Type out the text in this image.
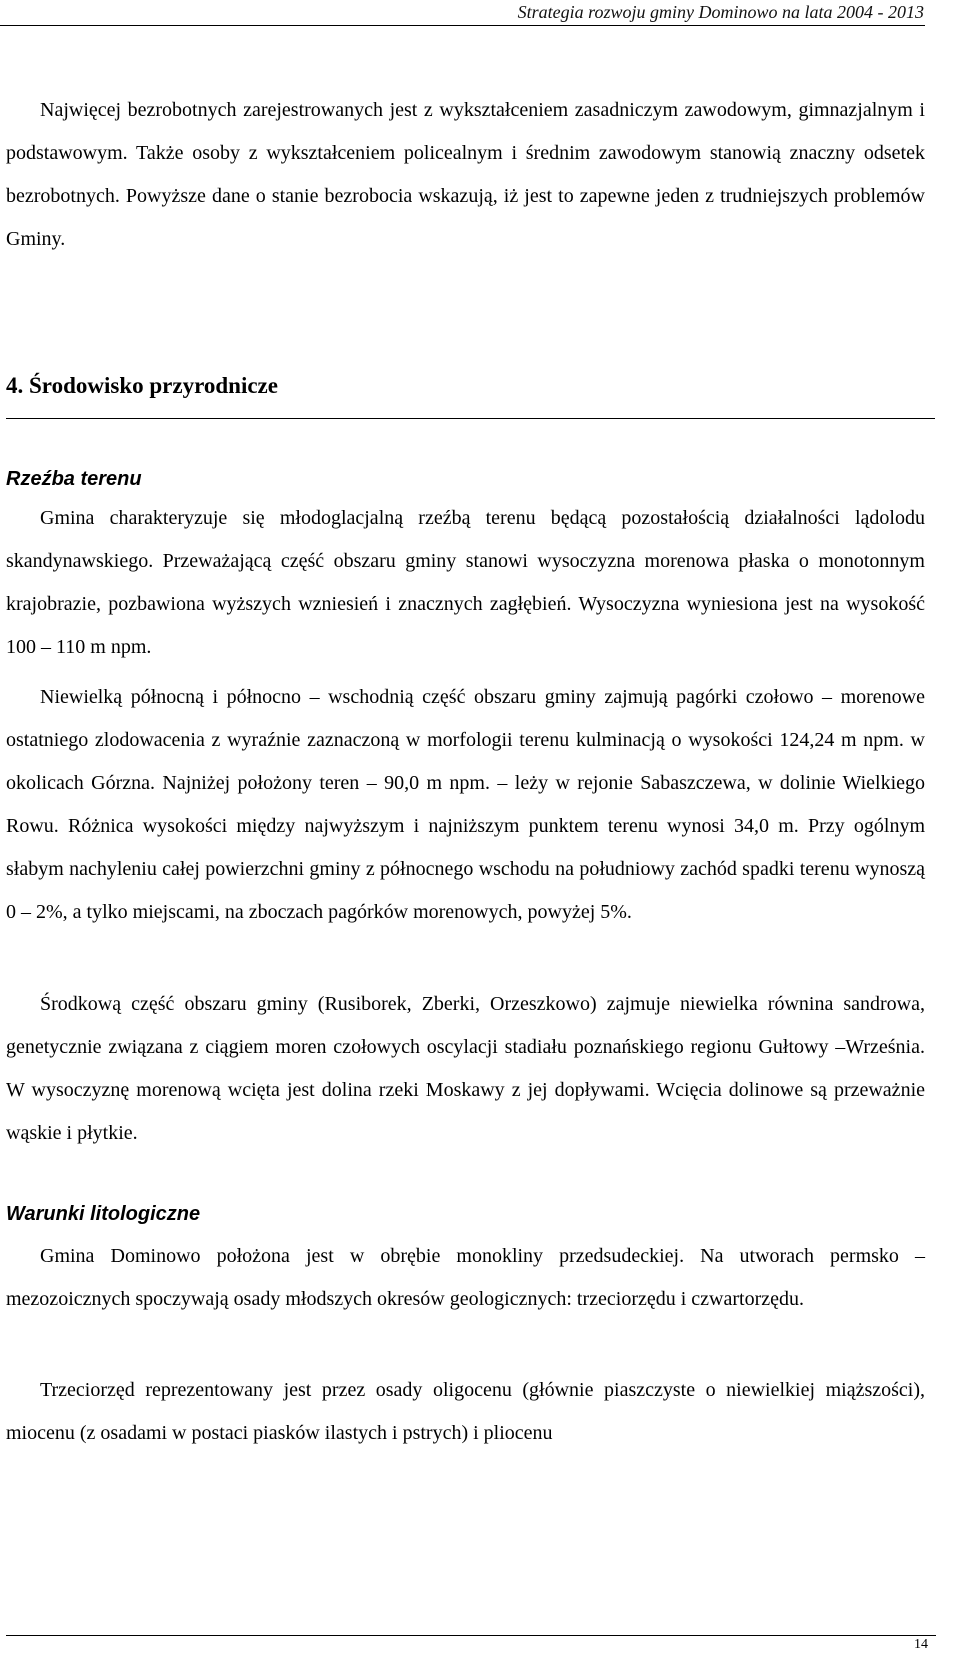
Strategia rozwoju gminy Dominowo na lata 2004 - 2013

Najwięcej bezrobotnych zarejestrowanych jest z wykształceniem zasadniczym zawodowym, gimnazjalnym i podstawowym. Także osoby z wykształceniem policealnym i średnim zawodowym stanowią znaczny odsetek bezrobotnych. Powyższe dane o stanie bezrobocia wskazują, iż jest to zapewne jeden z trudniejszych problemów Gminy.

4. Środowisko przyrodnicze
Rzeźba terenu

Gmina charakteryzuje się młodoglacjalną rzeźbą terenu będącą pozostałością działalności lądolodu skandynawskiego. Przeważającą część obszaru gminy stanowi wysoczyzna morenowa płaska o monotonnym krajobrazie, pozbawiona wyższych wzniesień i znacznych zagłębień. Wysoczyzna wyniesiona jest na wysokość 100 – 110 m npm.

Niewielką północną i północno – wschodnią część obszaru gminy zajmują pagórki czołowo – morenowe ostatniego zlodowacenia z wyraźnie zaznaczoną w morfologii terenu kulminacją o wysokości 124,24 m npm. w okolicach Górzna. Najniżej położony teren – 90,0 m npm. – leży w rejonie Sabaszczewa, w dolinie Wielkiego Rowu. Różnica wysokości między najwyższym i najniższym punktem terenu wynosi 34,0 m. Przy ogólnym słabym nachyleniu całej powierzchni gminy z północnego wschodu na południowy zachód spadki terenu wynoszą 0 – 2%, a tylko miejscami, na zboczach pagórków morenowych, powyżej 5%.

Środkową część obszaru gminy (Rusiborek, Zberki, Orzeszkowo) zajmuje niewielka równina sandrowa, genetycznie związana z ciągiem moren czołowych oscylacji stadiału poznańskiego regionu Gułtowy –Września. W wysoczyznę morenową wcięta jest dolina rzeki Moskawy z jej dopływami. Wcięcia dolinowe są przeważnie wąskie i płytkie.

Warunki litologiczne

Gmina Dominowo położona jest w obrębie monokliny przedsudeckiej. Na utworach permsko – mezozoicznych spoczywają osady młodszych okresów geologicznych: trzeciorzędu i czwartorzędu.

Trzeciorzęd reprezentowany jest przez osady oligocenu (głównie piaszczyste o niewielkiej miąższości), miocenu (z osadami w postaci piasków ilastych i pstrych) i pliocenu

14
